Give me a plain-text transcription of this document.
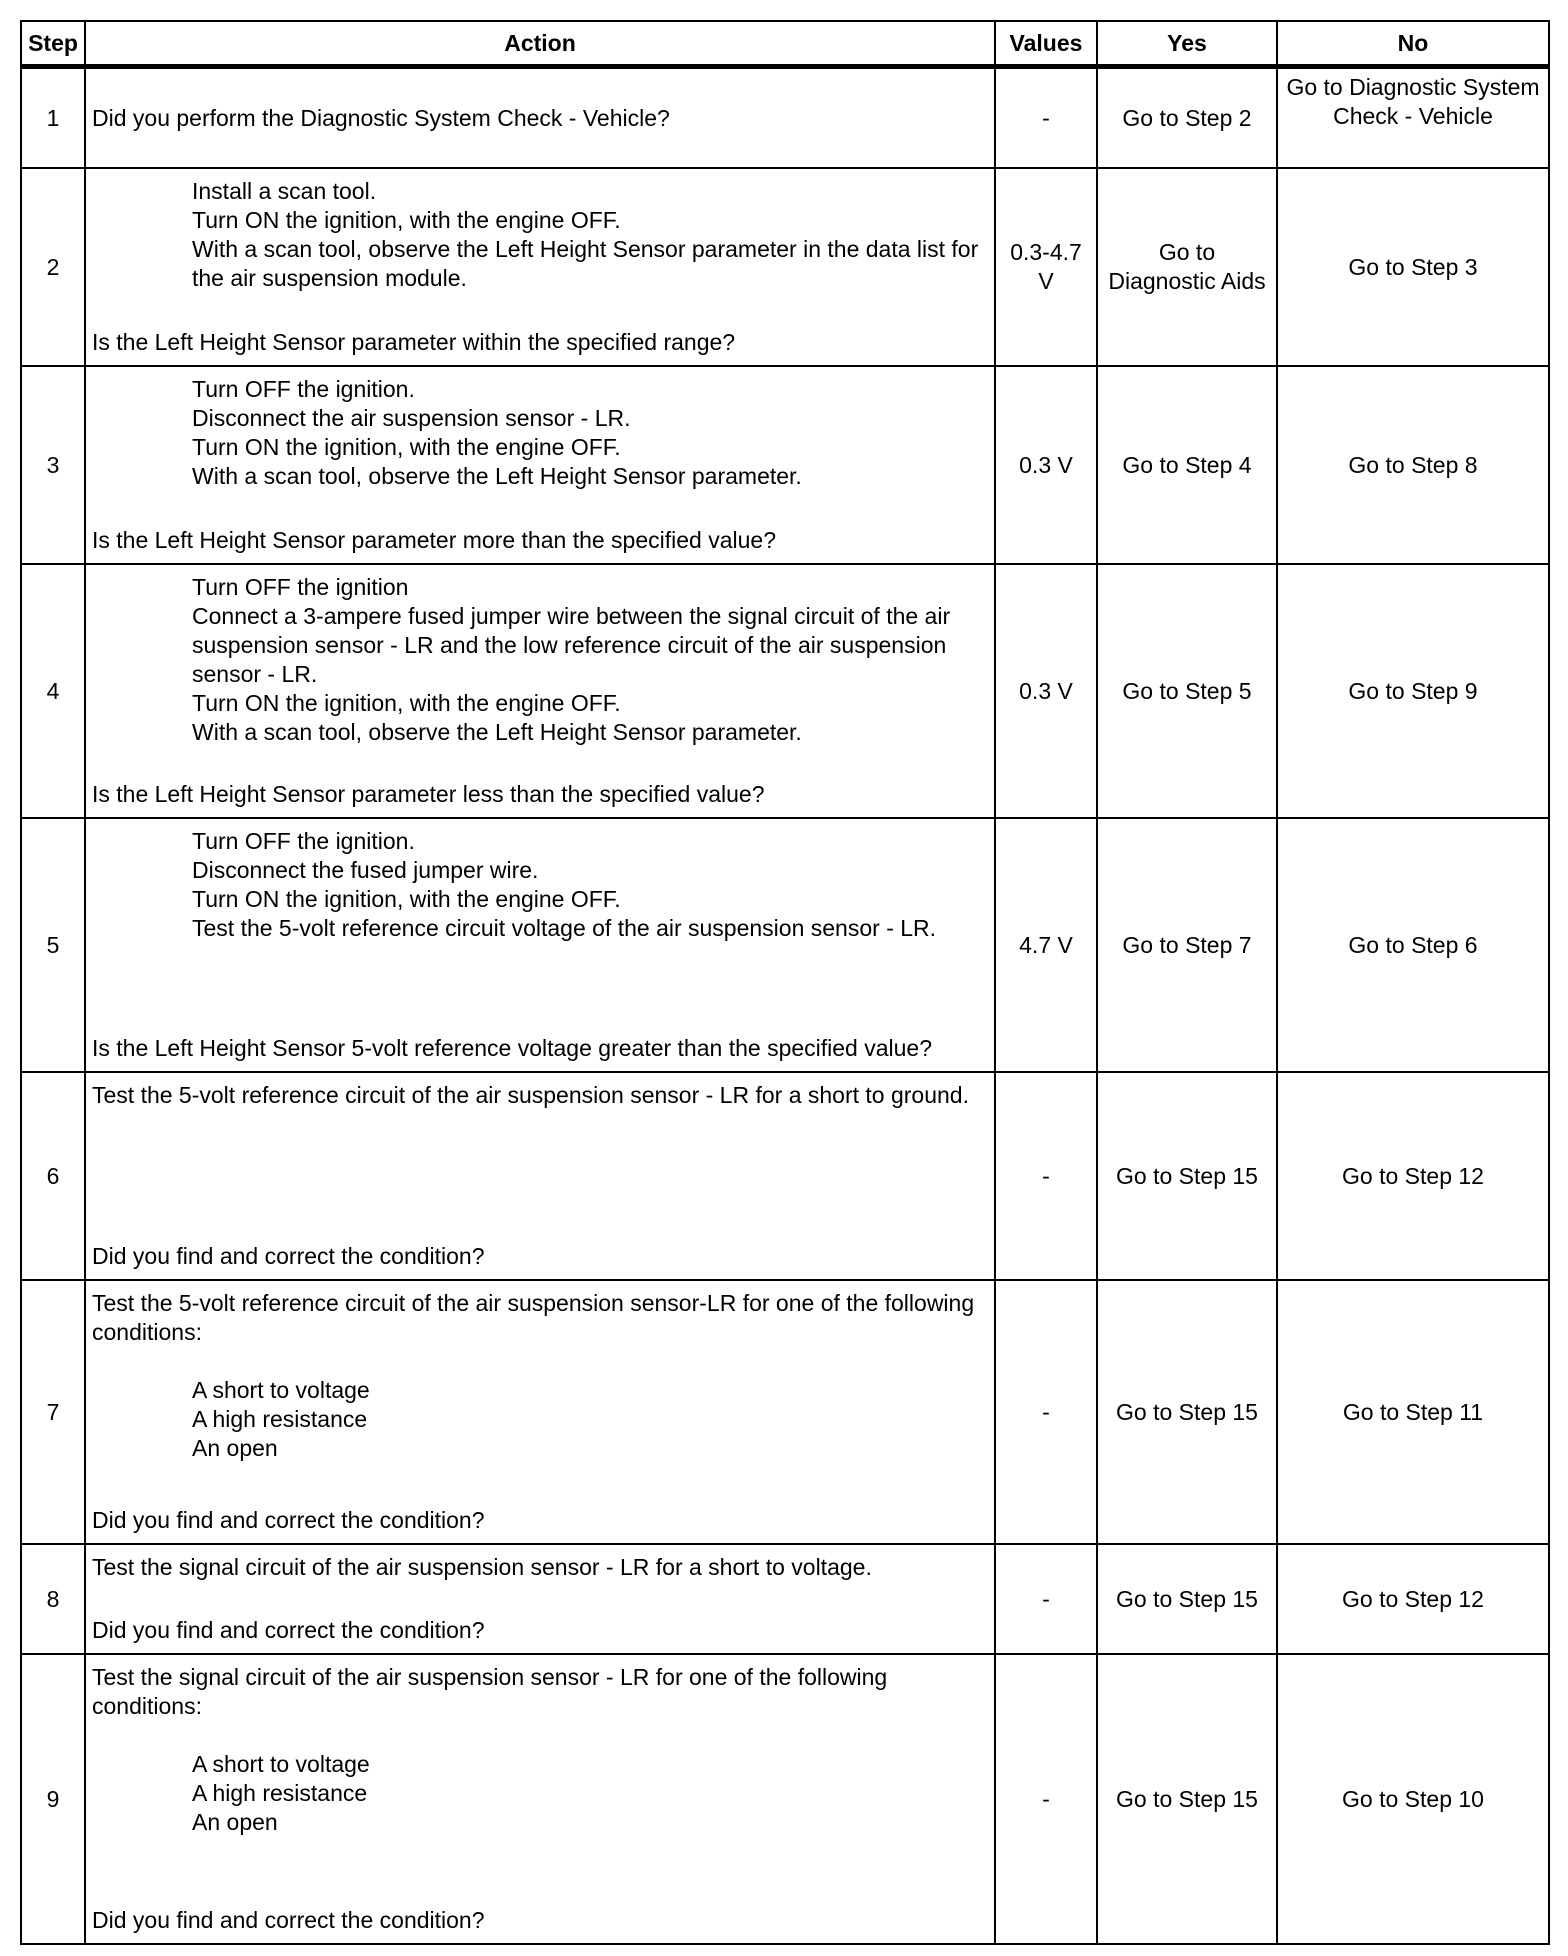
Step	Action	Values	Yes	No
1	Did you perform the Diagnostic System Check - Vehicle?	-	Go to Step 2	Go to Diagnostic System Check - Vehicle
2	Install a scan tool.
Turn ON the ignition, with the engine OFF.
With a scan tool, observe the Left Height Sensor parameter in the data list for the air suspension module.
Is the Left Height Sensor parameter within the specified range?	0.3-4.7 V	Go to Diagnostic Aids	Go to Step 3
3	Turn OFF the ignition.
Disconnect the air suspension sensor - LR.
Turn ON the ignition, with the engine OFF.
With a scan tool, observe the Left Height Sensor parameter.
Is the Left Height Sensor parameter more than the specified value?	0.3 V	Go to Step 4	Go to Step 8
4	Turn OFF the ignition
Connect a 3-ampere fused jumper wire between the signal circuit of the air suspension sensor - LR and the low reference circuit of the air suspension sensor - LR.
Turn ON the ignition, with the engine OFF.
With a scan tool, observe the Left Height Sensor parameter.
Is the Left Height Sensor parameter less than the specified value?	0.3 V	Go to Step 5	Go to Step 9
5	Turn OFF the ignition.
Disconnect the fused jumper wire.
Turn ON the ignition, with the engine OFF.
Test the 5-volt reference circuit voltage of the air suspension sensor - LR.
Is the Left Height Sensor 5-volt reference voltage greater than the specified value?	4.7 V	Go to Step 7	Go to Step 6
6	Test the 5-volt reference circuit of the air suspension sensor - LR for a short to ground.
Did you find and correct the condition?	-	Go to Step 15	Go to Step 12
7	Test the 5-volt reference circuit of the air suspension sensor-LR for one of the following conditions:
A short to voltage
A high resistance
An open
Did you find and correct the condition?	-	Go to Step 15	Go to Step 11
8	Test the signal circuit of the air suspension sensor - LR for a short to voltage.
Did you find and correct the condition?	-	Go to Step 15	Go to Step 12
9	Test the signal circuit of the air suspension sensor - LR for one of the following conditions:
A short to voltage
A high resistance
An open
Did you find and correct the condition?	-	Go to Step 15	Go to Step 10
